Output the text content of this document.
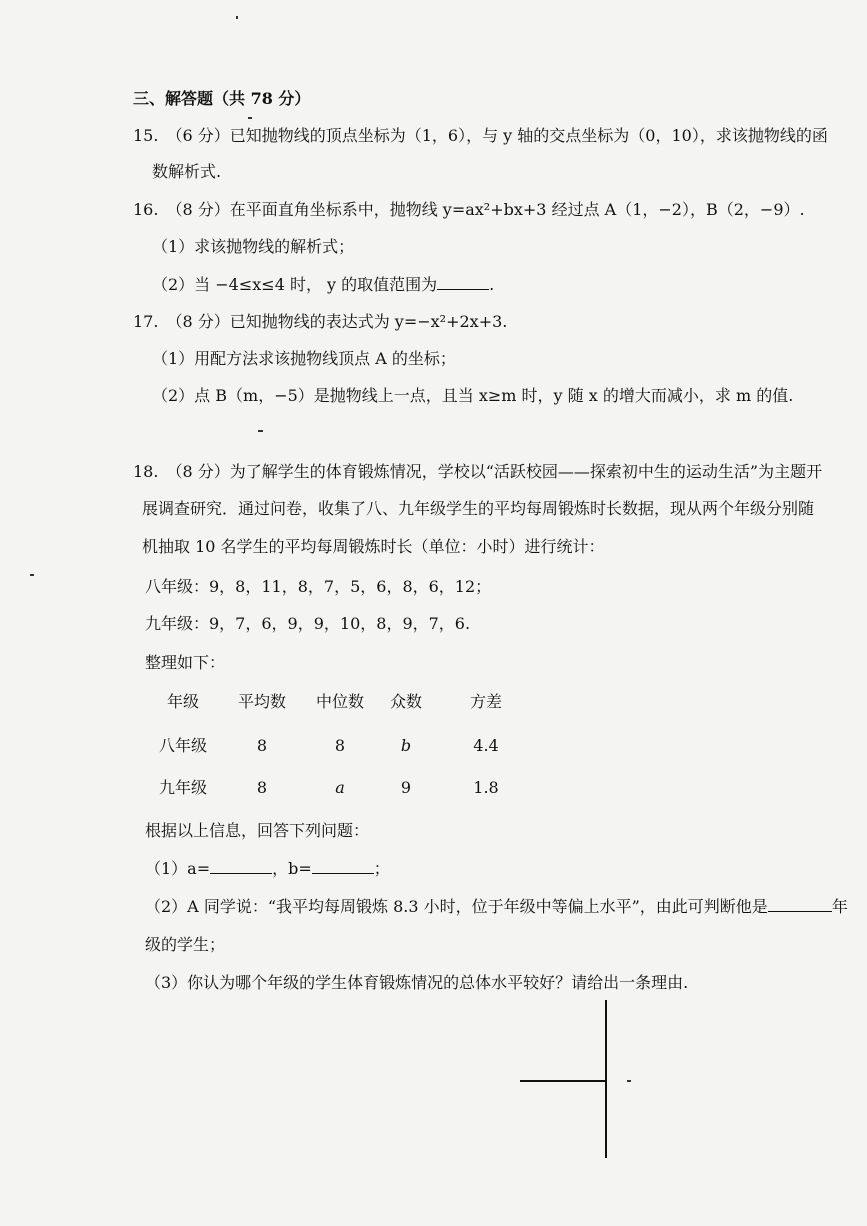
三、解答题（共 78 分）
15.　（6 分）已知抛物线的顶点坐标为（1，6），与 y 轴的交点坐标为（0，10），求该抛物线的函
数解析式.
16.　（8 分）在平面直角坐标系中，抛物线 y=ax²+bx+3 经过点 A（1，−2），B（2，−9）.
（1）求该抛物线的解析式；
（2）当 −4≤x≤4 时， y 的取值范围为	.
17.　（8 分）已知抛物线的表达式为 y=−x²+2x+3.
（1）用配方法求该抛物线顶点 A 的坐标；
（2）点 B（m，−5）是抛物线上一点，且当 x≥m 时，y 随 x 的增大而减小，求 m 的值.
18.　（8 分）为了解学生的体育锻炼情况，学校以“活跃校园——探索初中生的运动生活”为主题开
展调查研究．通过问卷，收集了八、九年级学生的平均每周锻炼时长数据，现从两个年级分别随
机抽取 10 名学生的平均每周锻炼时长（单位：小时）进行统计：
八年级：9，8，11，8，7，5，6，8，6，12；
九年级：9，7，6，9，9，10，8，9，7，6.
整理如下：
年级	平均数 中位数 众数	方差
八年级	8	8	b	4.4
九年级	8	a	9	1.8
根据以上信息，回答下列问题：
（1）a=	，b=	；
（2）A 同学说：“我平均每周锻炼 8.3 小时，位于年级中等偏上水平”，由此可判断他是	年
级的学生；
（3）你认为哪个年级的学生体育锻炼情况的总体水平较好？请给出一条理由.
